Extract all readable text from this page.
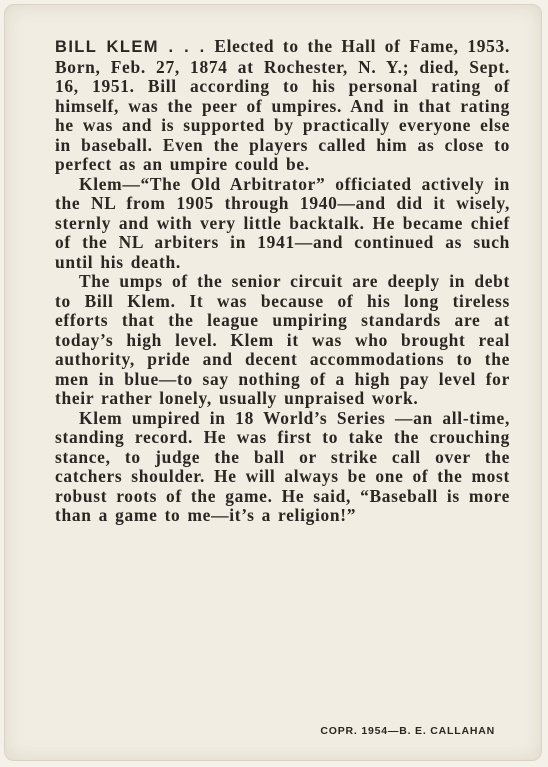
BILL KLEM . . . Elected to the Hall of Fame, 1953. Born, Feb. 27, 1874 at Rochester, N. Y.; died, Sept. 16, 1951. Bill according to his personal rating of himself, was the peer of umpires. And in that rating he was and is supported by practically everyone else in baseball. Even the players called him as close to perfect as an umpire could be.

Klem—“The Old Arbitrator” officiated actively in the NL from 1905 through 1940—and did it wisely, sternly and with very little backtalk. He became chief of the NL arbiters in 1941—and continued as such until his death.

The umps of the senior circuit are deeply in debt to Bill Klem. It was because of his long tireless efforts that the league umpiring standards are at today’s high level. Klem it was who brought real authority, pride and decent accommodations to the men in blue—to say nothing of a high pay level for their rather lonely, usually unpraised work.

Klem umpired in 18 World’s Series —an all-time, standing record. He was first to take the crouching stance, to judge the ball or strike call over the catchers shoulder. He will always be one of the most robust roots of the game. He said, “Baseball is more than a game to me—it’s a religion!”

COPR. 1954—B. E. CALLAHAN
